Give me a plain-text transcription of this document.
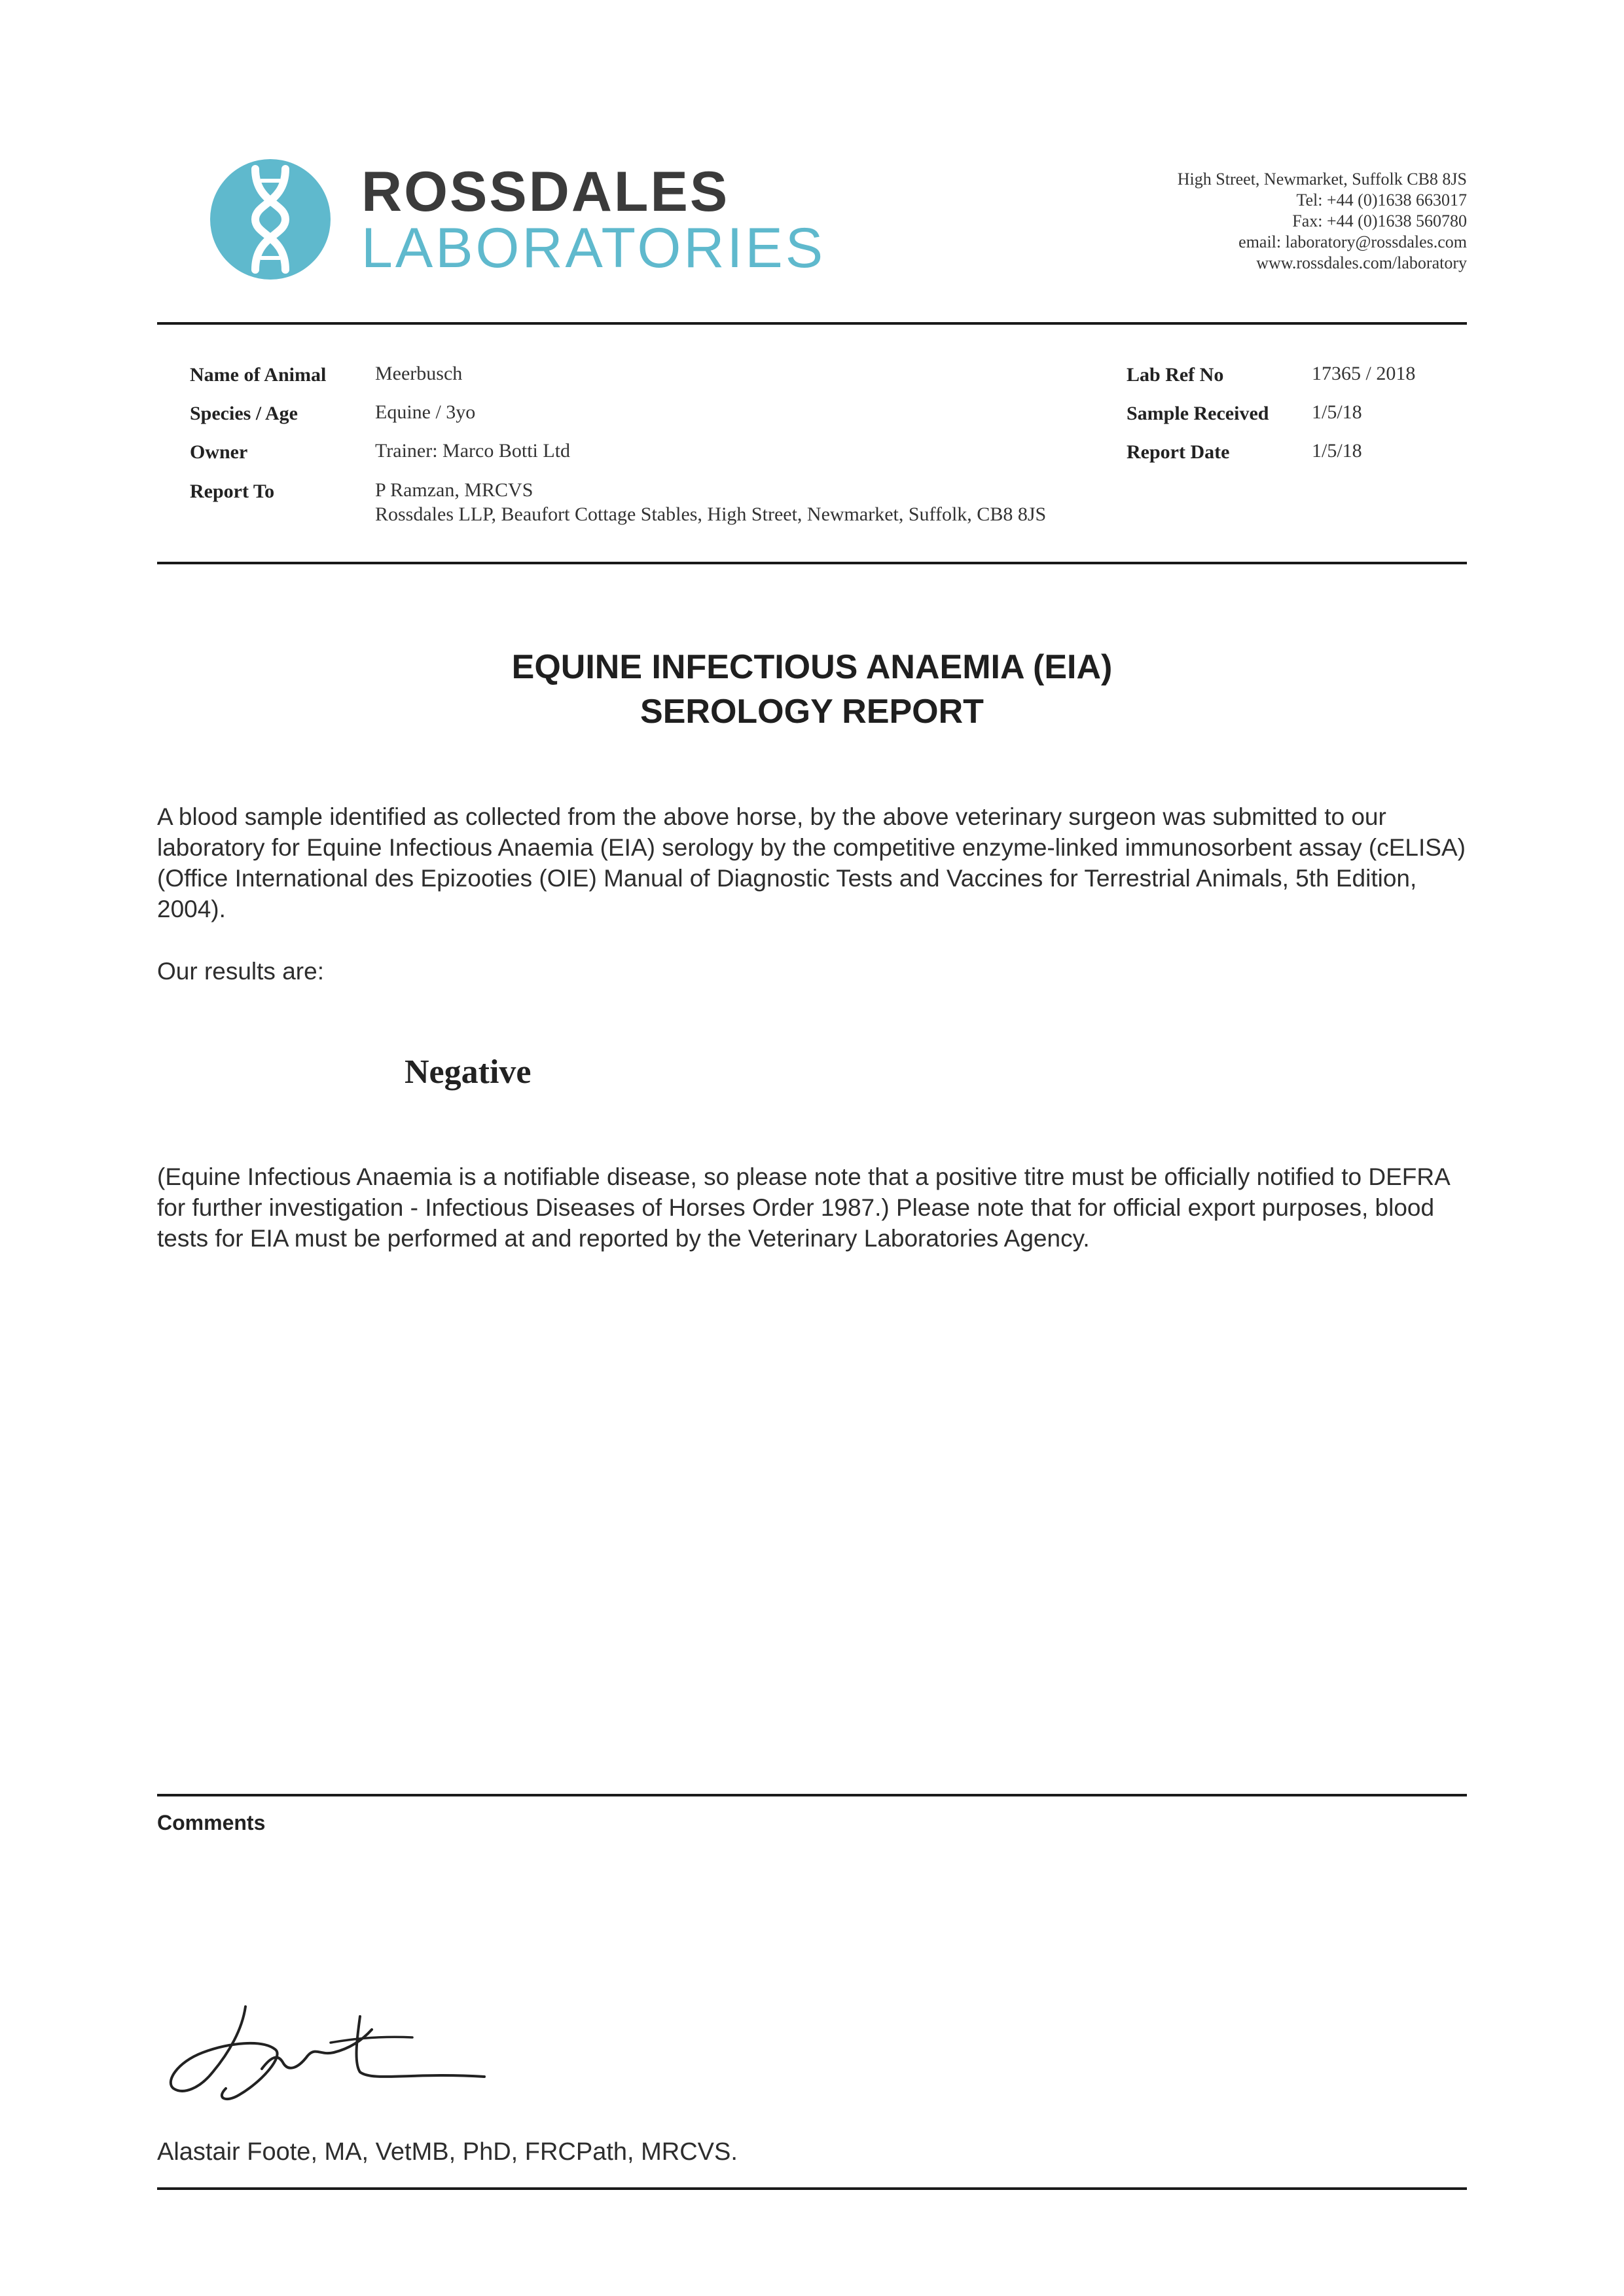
ROSSDALES
LABORATORIES
High Street, Newmarket, Suffolk CB8 8JS
Tel: +44 (0)1638 663017
Fax: +44 (0)1638 560780
email: laboratory@rossdales.com
www.rossdales.com/laboratory
Name of Animal Meerbusch
Species / Age	Equine / 3yo
Owner	Trainer: Marco Botti Ltd
Report To	P Ramzan, MRCVS
Rossdales LLP, Beaufort Cottage Stables, High Street, Newmarket, Suffolk, CB8 8JS
Lab Ref No	17365 / 2018
Sample Received 1/5/18
Report Date	1/5/18
EQUINE INFECTIOUS ANAEMIA (EIA)
SEROLOGY REPORT
A blood sample identified as collected from the above horse, by the above veterinary surgeon was submitted to our laboratory for Equine Infectious Anaemia (EIA) serology by the competitive enzyme-linked immunosorbent assay (cELISA) (Office International des Epizooties (OIE) Manual of Diagnostic Tests and Vaccines for Terrestrial Animals, 5th Edition, 2004).
Our results are:
Negative
(Equine Infectious Anaemia is a notifiable disease, so please note that a positive titre must be officially notified to DEFRA for further investigation - Infectious Diseases of Horses Order 1987.) Please note that for official export purposes, blood tests for EIA must be performed at and reported by the Veterinary Laboratories Agency.
Comments
Alastair Foote, MA, VetMB, PhD, FRCPath, MRCVS.
